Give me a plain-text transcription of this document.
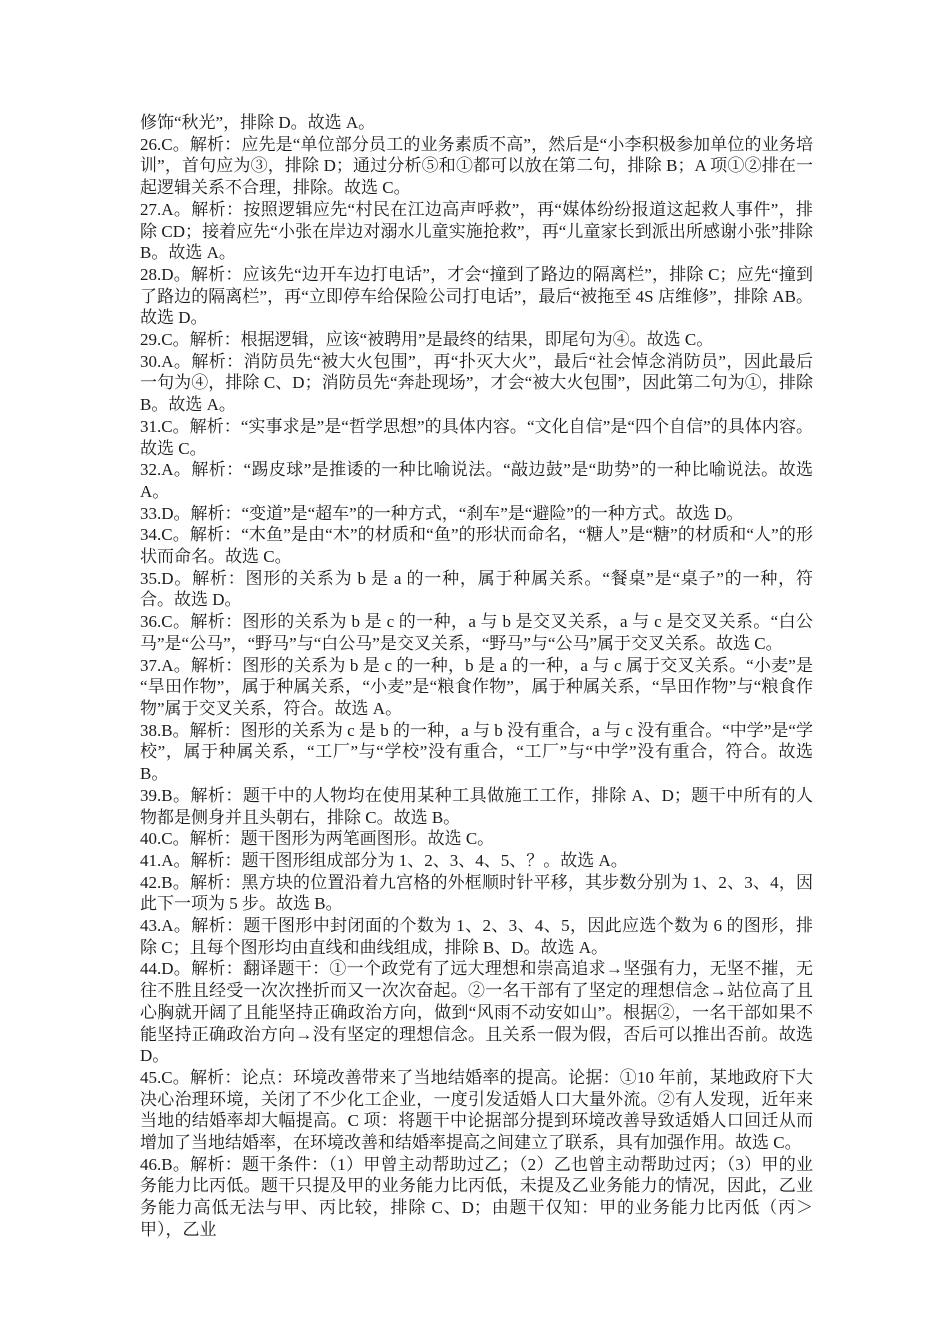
修饰“秋光”，排除 D。故选 A。

26.C。解析：应先是“单位部分员工的业务素质不高”，然后是“小李积极参加单位的业务培训”，首句应为③，排除 D；通过分析⑤和①都可以放在第二句，排除 B；A 项①②排在一起逻辑关系不合理，排除。故选 C。

27.A。解析：按照逻辑应先“村民在江边高声呼救”，再“媒体纷纷报道这起救人事件”，排除 CD；接着应先“小张在岸边对溺水儿童实施抢救”，再“儿童家长到派出所感谢小张”排除 B。故选 A。

28.D。解析：应该先“边开车边打电话”，才会“撞到了路边的隔离栏”，排除 C；应先“撞到了路边的隔离栏”，再“立即停车给保险公司打电话”，最后“被拖至 4S 店维修”，排除 AB。故选 D。

29.C。解析：根据逻辑，应该“被聘用”是最终的结果，即尾句为④。故选 C。

30.A。解析：消防员先“被大火包围”，再“扑灭大火”，最后“社会悼念消防员”，因此最后一句为④，排除 C、D；消防员先“奔赴现场”，才会“被大火包围”，因此第二句为①，排除 B。故选 A。

31.C。解析：“实事求是”是“哲学思想”的具体内容。“文化自信”是“四个自信”的具体内容。故选 C。

32.A。解析：“踢皮球”是推诿的一种比喻说法。“敲边鼓”是“助势”的一种比喻说法。故选 A。

33.D。解析：“变道”是“超车”的一种方式，“刹车”是“避险”的一种方式。故选 D。

34.C。解析：“木鱼”是由“木”的材质和“鱼”的形状而命名，“糖人”是“糖”的材质和“人”的形状而命名。故选 C。

35.D。解析：图形的关系为 b 是 a 的一种，属于种属关系。“餐桌”是“桌子”的一种，符合。故选 D。

36.C。解析：图形的关系为 b 是 c 的一种，a 与 b 是交叉关系，a 与 c 是交叉关系。“白公马”是“公马”，“野马”与“白公马”是交叉关系，“野马”与“公马”属于交叉关系。故选 C。

37.A。解析：图形的关系为 b 是 c 的一种，b 是 a 的一种，a 与 c 属于交叉关系。“小麦”是“旱田作物”，属于种属关系，“小麦”是“粮食作物”，属于种属关系，“旱田作物”与“粮食作物”属于交叉关系，符合。故选 A。

38.B。解析：图形的关系为 c 是 b 的一种，a 与 b 没有重合，a 与 c 没有重合。“中学”是“学校”，属于种属关系，“工厂”与“学校”没有重合，“工厂”与“中学”没有重合，符合。故选 B。

39.B。解析：题干中的人物均在使用某种工具做施工工作，排除 A、D；题干中所有的人物都是侧身并且头朝右，排除 C。故选 B。

40.C。解析：题干图形为两笔画图形。故选 C。

41.A。解析：题干图形组成部分为 1、2、3、4、5、？。故选 A。

42.B。解析：黑方块的位置沿着九宫格的外框顺时针平移，其步数分别为 1、2、3、4，因此下一项为 5 步。故选 B。

43.A。解析：题干图形中封闭面的个数为 1、2、3、4、5，因此应选个数为 6 的图形，排除 C；且每个图形均由直线和曲线组成，排除 B、D。故选 A。

44.D。解析：翻译题干：①一个政党有了远大理想和崇高追求→坚强有力，无坚不摧，无往不胜且经受一次次挫折而又一次次奋起。②一名干部有了坚定的理想信念→站位高了且心胸就开阔了且能坚持正确政治方向，做到“风雨不动安如山”。根据②，一名干部如果不能坚持正确政治方向→没有坚定的理想信念。且关系一假为假，否后可以推出否前。故选 D。

45.C。解析：论点：环境改善带来了当地结婚率的提高。论据：①10 年前，某地政府下大决心治理环境，关闭了不少化工企业，一度引发适婚人口大量外流。②有人发现，近年来当地的结婚率却大幅提高。C 项：将题干中论据部分提到环境改善导致适婚人口回迁从而增加了当地结婚率，在环境改善和结婚率提高之间建立了联系，具有加强作用。故选 C。

46.B。解析：题干条件：（1）甲曾主动帮助过乙；（2）乙也曾主动帮助过丙；（3）甲的业务能力比丙低。题干只提及甲的业务能力比丙低，未提及乙业务能力的情况，因此，乙业务能力高低无法与甲、丙比较，排除 C、D；由题干仅知：甲的业务能力比丙低（丙＞甲），乙业
